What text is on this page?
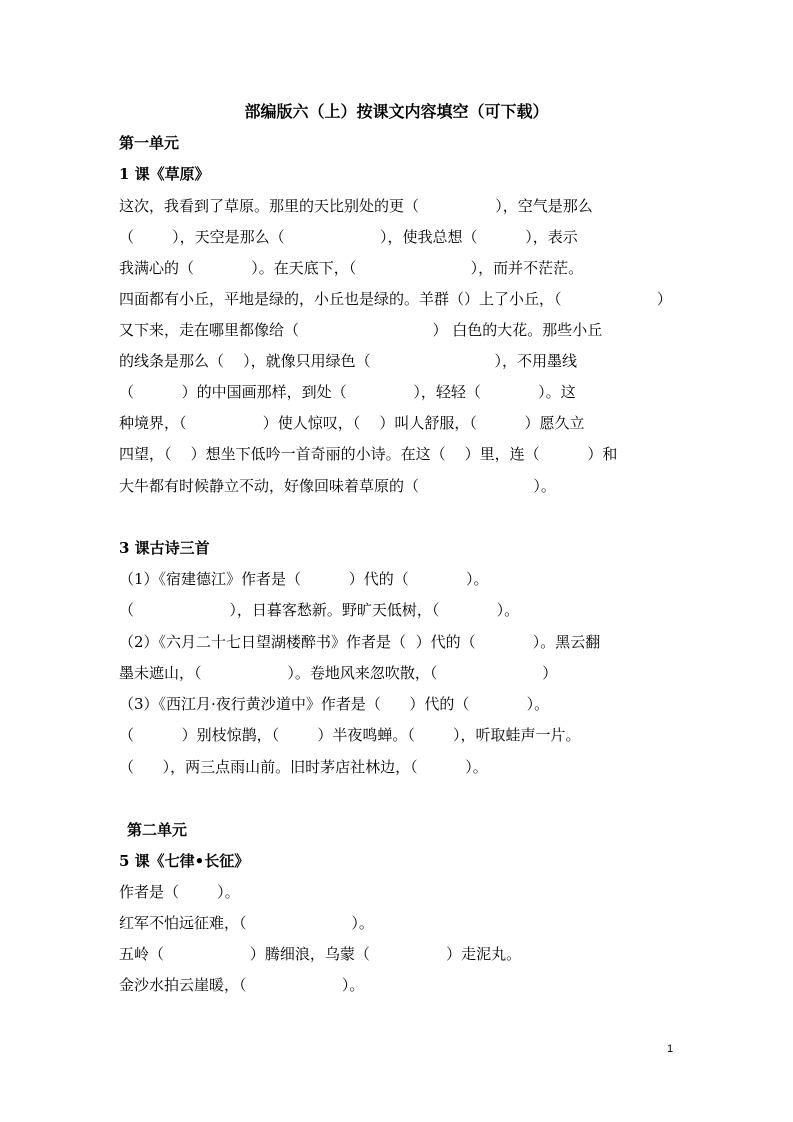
部编版六（上）按课文内容填空（可下载）
第一单元
1 课《草原》
这次，我看到了草原。那里的天比别处的更（                ），空气是那么
（        ），天空是那么（                    ），使我总想（          ），表示
我满心的（            ）。在天底下，（                        ），而并不茫茫。
四面都有小丘，平地是绿的，小丘也是绿的。羊群（）上了小丘，（                    ）
又下来，走在哪里都像给（                            ） 白色的大花。那些小丘
的线条是那么（    ），就像只用绿色（                          ），不用墨线
（          ）的中国画那样，到处（              ），轻轻（            ）。这
种境界，（                ）使人惊叹，（    ）叫人舒服，（          ）愿久立
四望，（    ）想坐下低吟一首奇丽的小诗。在这（    ）里，连（          ）和
大牛都有时候静立不动，好像回味着草原的（                        ）。
3 课古诗三首
（1）《宿建德江》作者是（          ）代的（            ）。
（                    ），日暮客愁新。野旷天低树，（            ）。
（2）《六月二十七日望湖楼醉书》作者是（  ）代的（            ）。黑云翻
墨未遮山，（                  ）。卷地风来忽吹散，（                      ）
（3）《西江月·夜行黄沙道中》作者是（      ）代的（            ）。
（          ）别枝惊鹊，（        ）半夜鸣蝉。（        ），听取蛙声一片。
（      ），两三点雨山前。旧时茅店社林边，（          ）。
第二单元
5 课《七律•长征》
作者是（        ）。
红军不怕远征难，（                      ）。
五岭（                  ）腾细浪，乌蒙（                ）走泥丸。
金沙水拍云崖暖，（                    ）。
1
